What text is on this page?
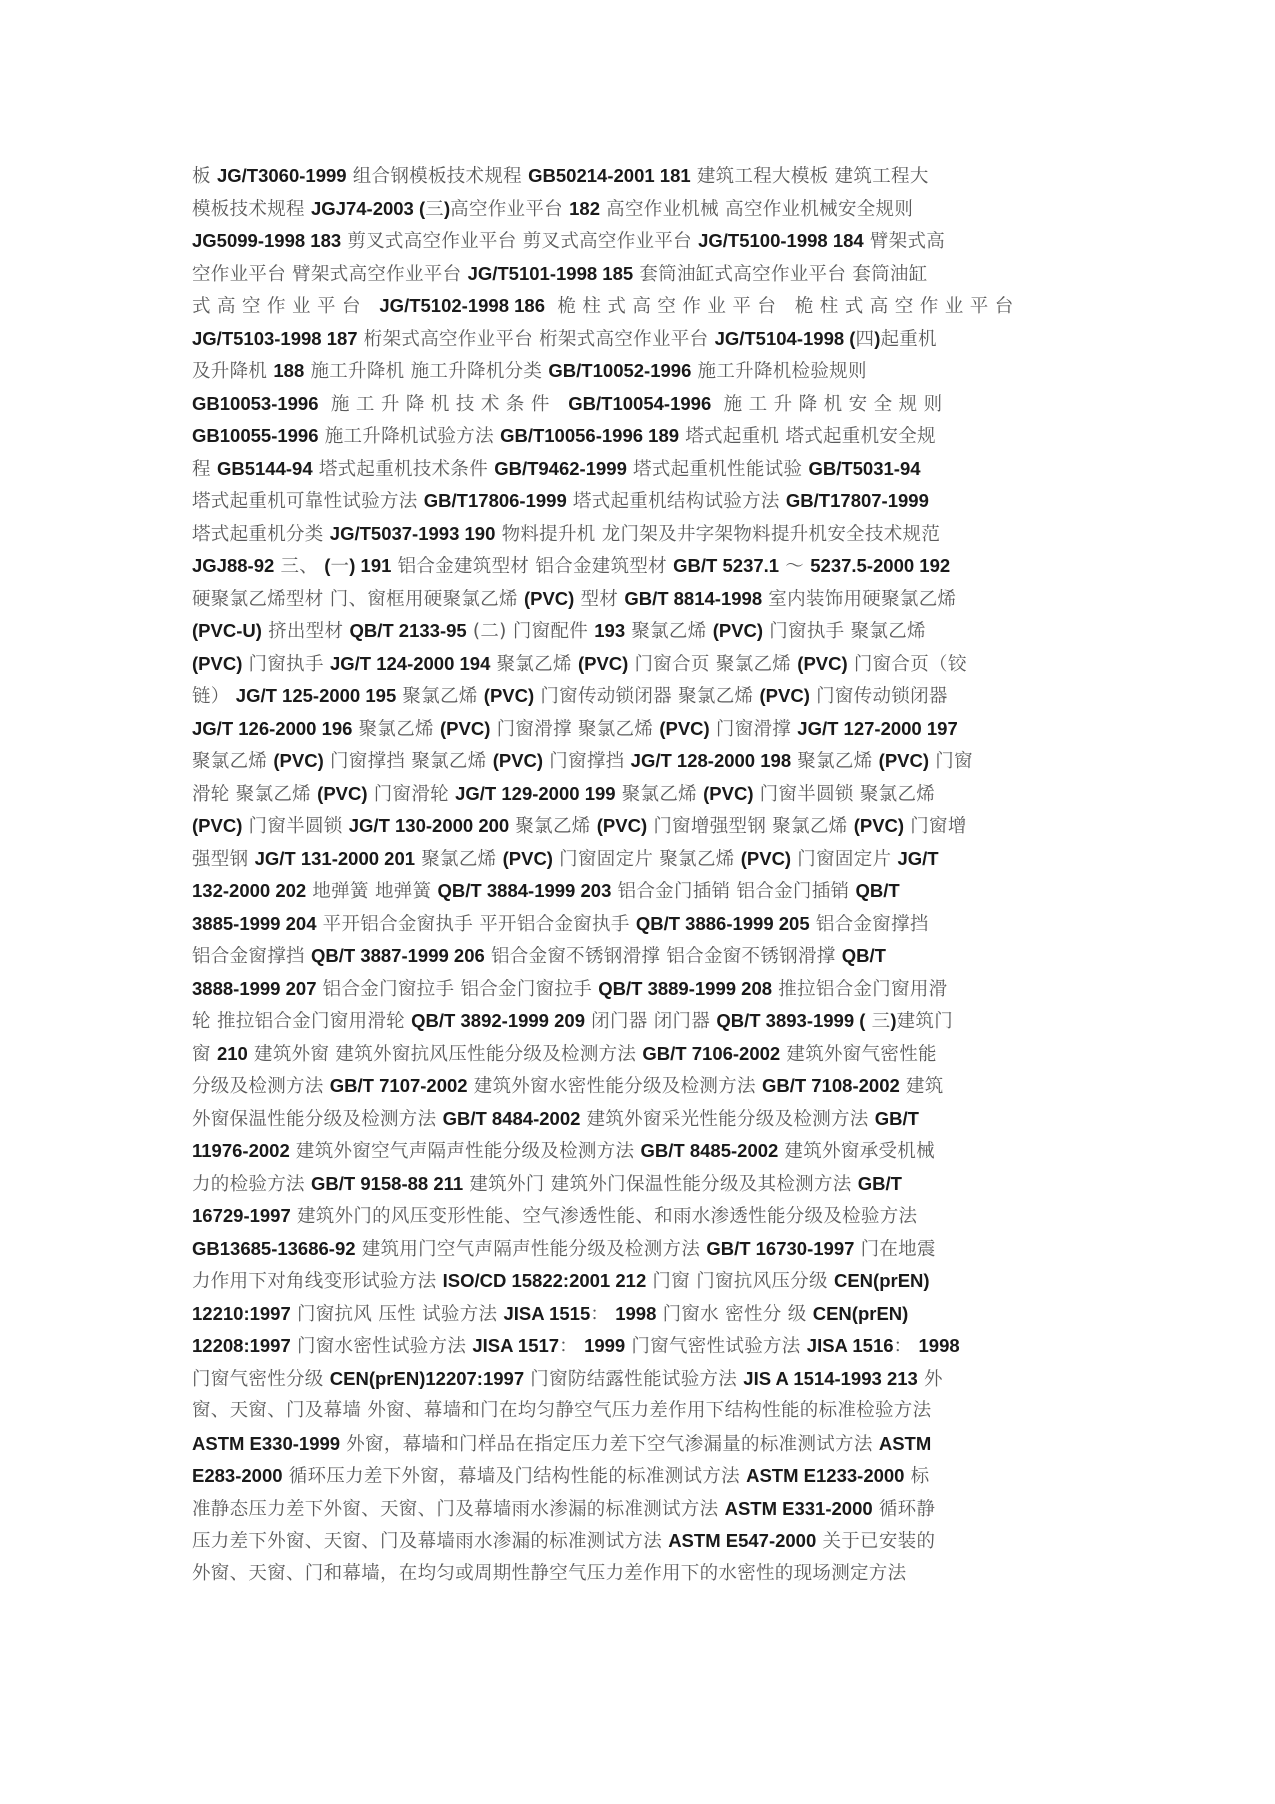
板 JG/T3060-1999 组合钢模板技术规程 GB50214-2001 181 建筑工程大模板 建筑工程大
模板技术规程 JGJ74-2003 (三)高空作业平台 182 高空作业机械 高空作业机械安全规则
JG5099-1998 183 剪叉式高空作业平台 剪叉式高空作业平台 JG/T5100-1998 184 臂架式高
空作业平台 臂架式高空作业平台 JG/T5101-1998 185 套筒油缸式高空作业平台 套筒油缸
式高空作业平台 JG/T5102-1998 186 桅柱式高空作业平台 桅柱式高空作业平台
JG/T5103-1998 187 桁架式高空作业平台 桁架式高空作业平台 JG/T5104-1998 (四)起重机
及升降机 188 施工升降机 施工升降机分类 GB/T10052-1996 施工升降机检验规则
GB10053-1996 施工升降机技术条件 GB/T10054-1996 施工升降机安全规则
GB10055-1996 施工升降机试验方法 GB/T10056-1996 189 塔式起重机 塔式起重机安全规
程 GB5144-94 塔式起重机技术条件 GB/T9462-1999 塔式起重机性能试验 GB/T5031-94
塔式起重机可靠性试验方法 GB/T17806-1999 塔式起重机结构试验方法 GB/T17807-1999
塔式起重机分类 JG/T5037-1993 190 物料提升机 龙门架及井字架物料提升机安全技术规范
JGJ88-92 三、 (一) 191 铝合金建筑型材 铝合金建筑型材 GB/T 5237.1 ～ 5237.5-2000 192
硬聚氯乙烯型材 门、窗框用硬聚氯乙烯 (PVC) 型材 GB/T 8814-1998 室内装饰用硬聚氯乙烯
(PVC-U) 挤出型材 QB/T 2133-95 (二) 门窗配件 193 聚氯乙烯 (PVC) 门窗执手 聚氯乙烯
(PVC) 门窗执手 JG/T 124-2000 194 聚氯乙烯 (PVC) 门窗合页 聚氯乙烯 (PVC) 门窗合页（铰
链） JG/T 125-2000 195 聚氯乙烯 (PVC) 门窗传动锁闭器 聚氯乙烯 (PVC) 门窗传动锁闭器
JG/T 126-2000 196 聚氯乙烯 (PVC) 门窗滑撑 聚氯乙烯 (PVC) 门窗滑撑 JG/T 127-2000 197
聚氯乙烯 (PVC) 门窗撑挡 聚氯乙烯 (PVC) 门窗撑挡 JG/T 128-2000 198 聚氯乙烯 (PVC) 门窗
滑轮 聚氯乙烯 (PVC) 门窗滑轮 JG/T 129-2000 199 聚氯乙烯 (PVC) 门窗半圆锁 聚氯乙烯
(PVC) 门窗半圆锁 JG/T 130-2000 200 聚氯乙烯 (PVC) 门窗增强型钢 聚氯乙烯 (PVC) 门窗增
强型钢 JG/T 131-2000 201 聚氯乙烯 (PVC) 门窗固定片 聚氯乙烯 (PVC) 门窗固定片 JG/T
132-2000 202 地弹簧 地弹簧 QB/T 3884-1999 203 铝合金门插销 铝合金门插销 QB/T
3885-1999 204 平开铝合金窗执手 平开铝合金窗执手 QB/T 3886-1999 205 铝合金窗撑挡
铝合金窗撑挡 QB/T 3887-1999 206 铝合金窗不锈钢滑撑 铝合金窗不锈钢滑撑 QB/T
3888-1999 207 铝合金门窗拉手 铝合金门窗拉手 QB/T 3889-1999 208 推拉铝合金门窗用滑
轮 推拉铝合金门窗用滑轮 QB/T 3892-1999 209 闭门器 闭门器 QB/T 3893-1999 ( 三)建筑门
窗 210 建筑外窗 建筑外窗抗风压性能分级及检测方法 GB/T 7106-2002 建筑外窗气密性能
分级及检测方法 GB/T 7107-2002 建筑外窗水密性能分级及检测方法 GB/T 7108-2002 建筑
外窗保温性能分级及检测方法 GB/T 8484-2002 建筑外窗采光性能分级及检测方法 GB/T
11976-2002 建筑外窗空气声隔声性能分级及检测方法 GB/T 8485-2002 建筑外窗承受机械
力的检验方法 GB/T 9158-88 211 建筑外门 建筑外门保温性能分级及其检测方法 GB/T
16729-1997 建筑外门的风压变形性能、空气渗透性能、和雨水渗透性能分级及检验方法
GB13685-13686-92 建筑用门空气声隔声性能分级及检测方法 GB/T 16730-1997 门在地震
力作用下对角线变形试验方法 ISO/CD 15822:2001 212 门窗 门窗抗风压分级 CEN(prEN)
12210:1997 门窗抗风 压性 试验方法 JISA 1515： 1998 门窗水 密性分 级 CEN(prEN)
12208:1997 门窗水密性试验方法 JISA 1517： 1999 门窗气密性试验方法 JISA 1516： 1998
门窗气密性分级 CEN(prEN)12207:1997 门窗防结露性能试验方法 JIS A 1514-1993 213 外
窗、天窗、门及幕墙 外窗、幕墙和门在均匀静空气压力差作用下结构性能的标准检验方法
ASTM E330-1999 外窗，幕墙和门样品在指定压力差下空气渗漏量的标准测试方法 ASTM
E283-2000 循环压力差下外窗，幕墙及门结构性能的标准测试方法 ASTM E1233-2000 标
准静态压力差下外窗、天窗、门及幕墙雨水渗漏的标准测试方法 ASTM E331-2000 循环静
压力差下外窗、天窗、门及幕墙雨水渗漏的标准测试方法 ASTM E547-2000 关于已安装的
外窗、天窗、门和幕墙，在均匀或周期性静空气压力差作用下的水密性的现场测定方法
